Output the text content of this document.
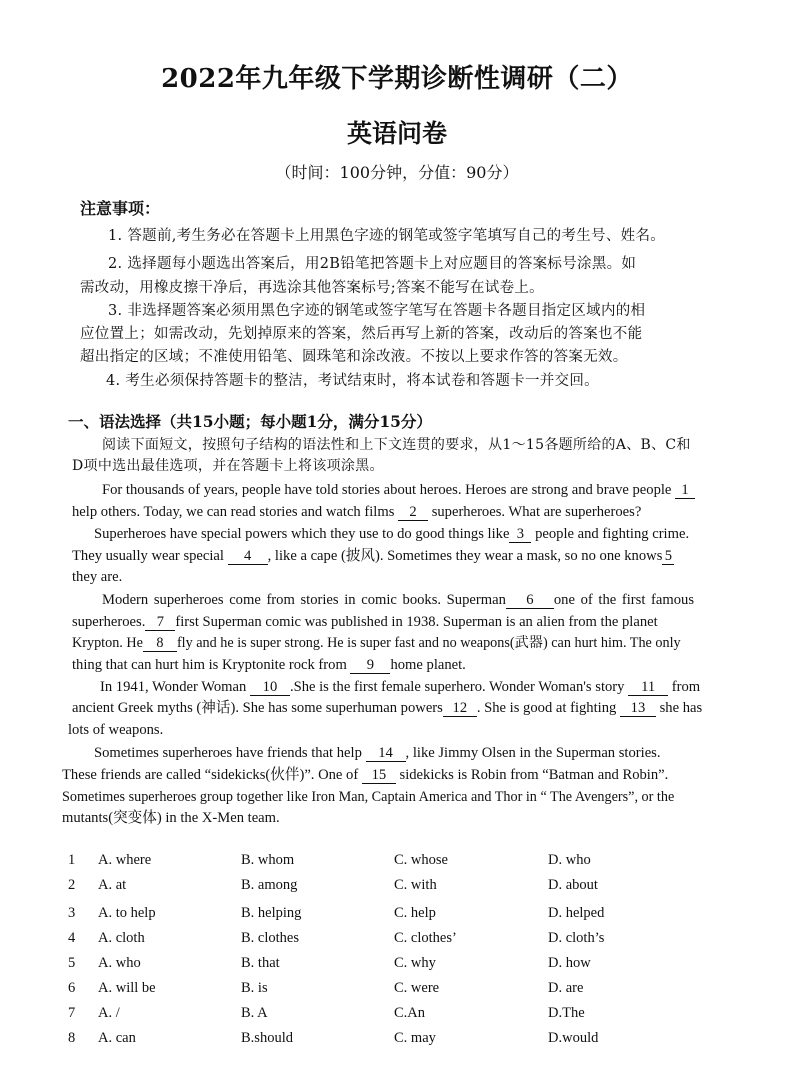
2022年九年级下学期诊断性调研（二）
英语问卷
（时间：100分钟，分值：90分）
注意事项：
1. 答题前,考生务必在答题卡上用黑色字迹的钢笔或签字笔填写自己的考生号、姓名。
2. 选择题每小题选出答案后，用2B铅笔把答题卡上对应题目的答案标号涂黑。如
需改动，用橡皮擦干净后，再选涂其他答案标号;答案不能写在试卷上。
3. 非选择题答案必须用黑色字迹的钢笔或签字笔写在答题卡各题目指定区域内的相
应位置上；如需改动，先划掉原来的答案，然后再写上新的答案，改动后的答案也不能
超出指定的区域；不准使用铅笔、圆珠笔和涂改液。不按以上要求作答的答案无效。
4. 考生必须保持答题卡的整洁，考试结束时，将本试卷和答题卡一并交回。
一、语法选择（共15小题；每小题1分，满分15分）
阅读下面短文，按照句子结构的语法性和上下文连贯的要求，从1～15各题所给的A、B、C和
D项中选出最佳选项，并在答题卡上将该项涂黑。
For thousands of years, people have told stories about heroes. Heroes are strong and brave people 1
help others. Today, we can read stories and watch films 2 superheroes. What are superheroes?
Superheroes have special powers which they use to do good things like 3 people and fighting crime.
They usually wear special 4 , like a cape (披风). Sometimes they wear a mask, so no one knows 5
they are.
Modern superheroes come from stories in comic books. Superman 6 one of the first famous
superheroes. 7 first Superman comic was published in 1938. Superman is an alien from the planet
Krypton. He 8 fly and he is super strong. He is super fast and no weapons(武器) can hurt him. The only
thing that can hurt him is Kryptonite rock from 9 home planet.
In 1941, Wonder Woman 10 .She is the first female superhero. Wonder Woman's story 11 from
ancient Greek myths (神话). She has some superhuman powers 12 . She is good at fighting 13 she has
lots of weapons.
Sometimes superheroes have friends that help 14 , like Jimmy Olsen in the Superman stories.
These friends are called “sidekicks(伙伴)”. One of 15 sidekicks is Robin from “Batman and Robin”.
Sometimes superheroes group together like Iron Man, Captain America and Thor in “ The Avengers”, or the
mutants(突变体) in the X-Men team.
1 A. where	B. whom	C. whose	D. who
2 A. at	B. among	C. with	D. about
3 A. to help	B. helping	C. help	D. helped
4 A. cloth	B. clothes	C. clothes’	D. cloth’s
5 A. who	B. that	C. why	D. how
6 A. will be	B. is	C. were	D. are
7 A. /	B. A	C.An	D.The
8 A. can	B.should	C. may	D.would
